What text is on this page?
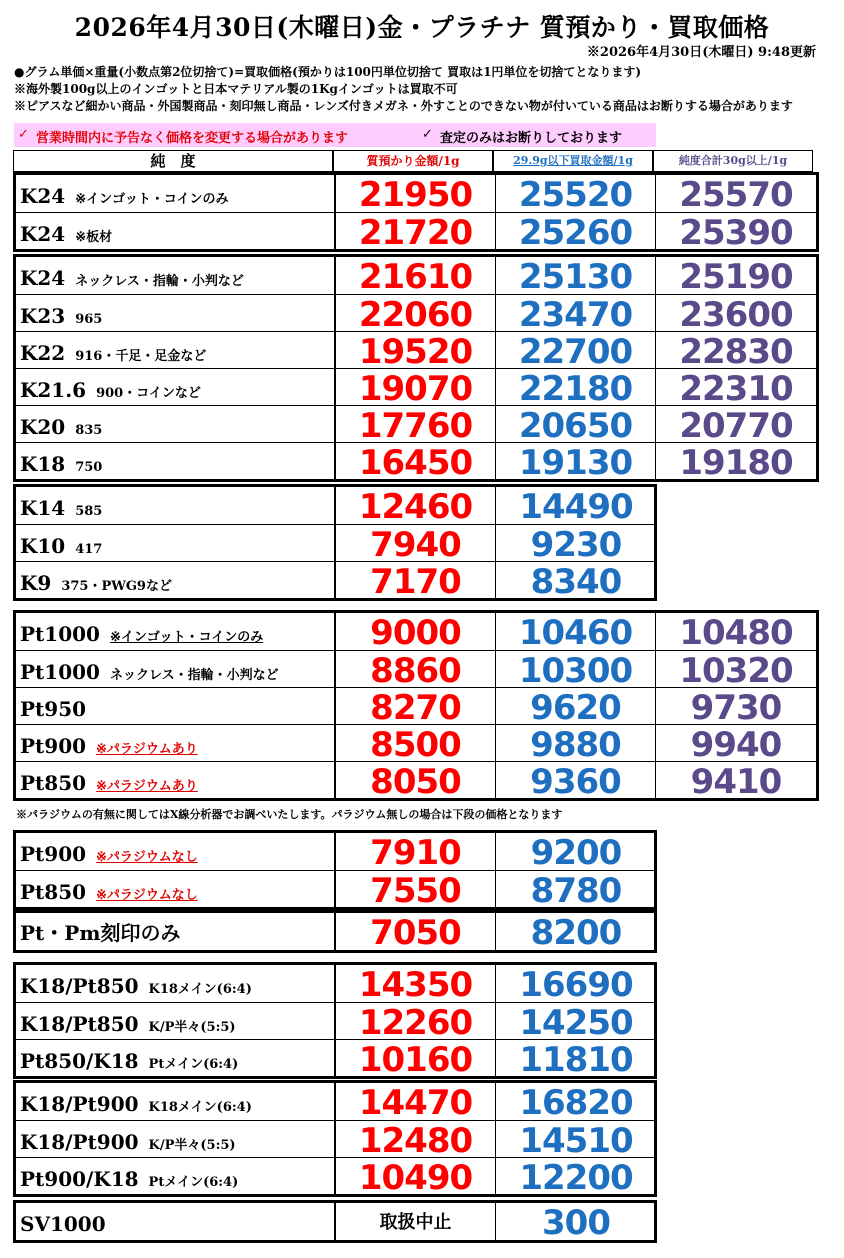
2026年4月30日(木曜日)金・プラチナ 質預かり・買取価格
※2026年4月30日(木曜日) 9:48更新
●グラム単価×重量(小数点第2位切捨て)=買取価格(預かりは100円単位切捨て 買取は1円単位を切捨てとなります)
※海外製100g以上のインゴットと日本マテリアル製の1Kgインゴットは買取不可
※ピアスなど細かい商品・外国製商品・刻印無し商品・レンズ付きメガネ・外すことのできない物が付いている商品はお断りする場合があります
✓ 営業時間内に予告なく価格を変更する場合があります	✓ 査定のみはお断りしております
純　度	質預かり金額/1g	29.9g以下買取金額/1g	純度合計30g以上/1g
※パラジウムの有無に関してはX線分析器でお調べいたします。パラジウム無しの場合は下段の価格となります
K24 ※インゴット・コインのみ	21950	25520	25570
K24 ※板材	21720	25260	25390
K24 ネックレス・指輪・小判など	21610	25130	25190
K23 965	22060	23470	23600
K22 916・千足・足金など	19520	22700	22830
K21.6 900・コインなど	19070	22180	22310
K20 835	17760	20650	20770
K18 750	16450	19130	19180
K14 585	12460	14490
K10 417	7940	9230
K9 375・PWG9など	7170	8340
Pt1000 ※インゴット・コインのみ	9000	10460	10480
Pt1000 ネックレス・指輪・小判など	8860	10300	10320
Pt950	8270	9620	9730
Pt900 ※パラジウムあり	8500	9880	9940
Pt850 ※パラジウムあり	8050	9360	9410
Pt900 ※パラジウムなし	7910	9200
Pt850 ※パラジウムなし	7550	8780
Pt・Pm刻印のみ	7050	8200
K18/Pt850 K18メイン(6:4)	14350	16690
K18/Pt850 K/P半々(5:5)	12260	14250
Pt850/K18 Ptメイン(6:4)	10160	11810
K18/Pt900 K18メイン(6:4)	14470	16820
K18/Pt900 K/P半々(5:5)	12480	14510
Pt900/K18 Ptメイン(6:4)	10490	12200
SV1000	取扱中止	300
